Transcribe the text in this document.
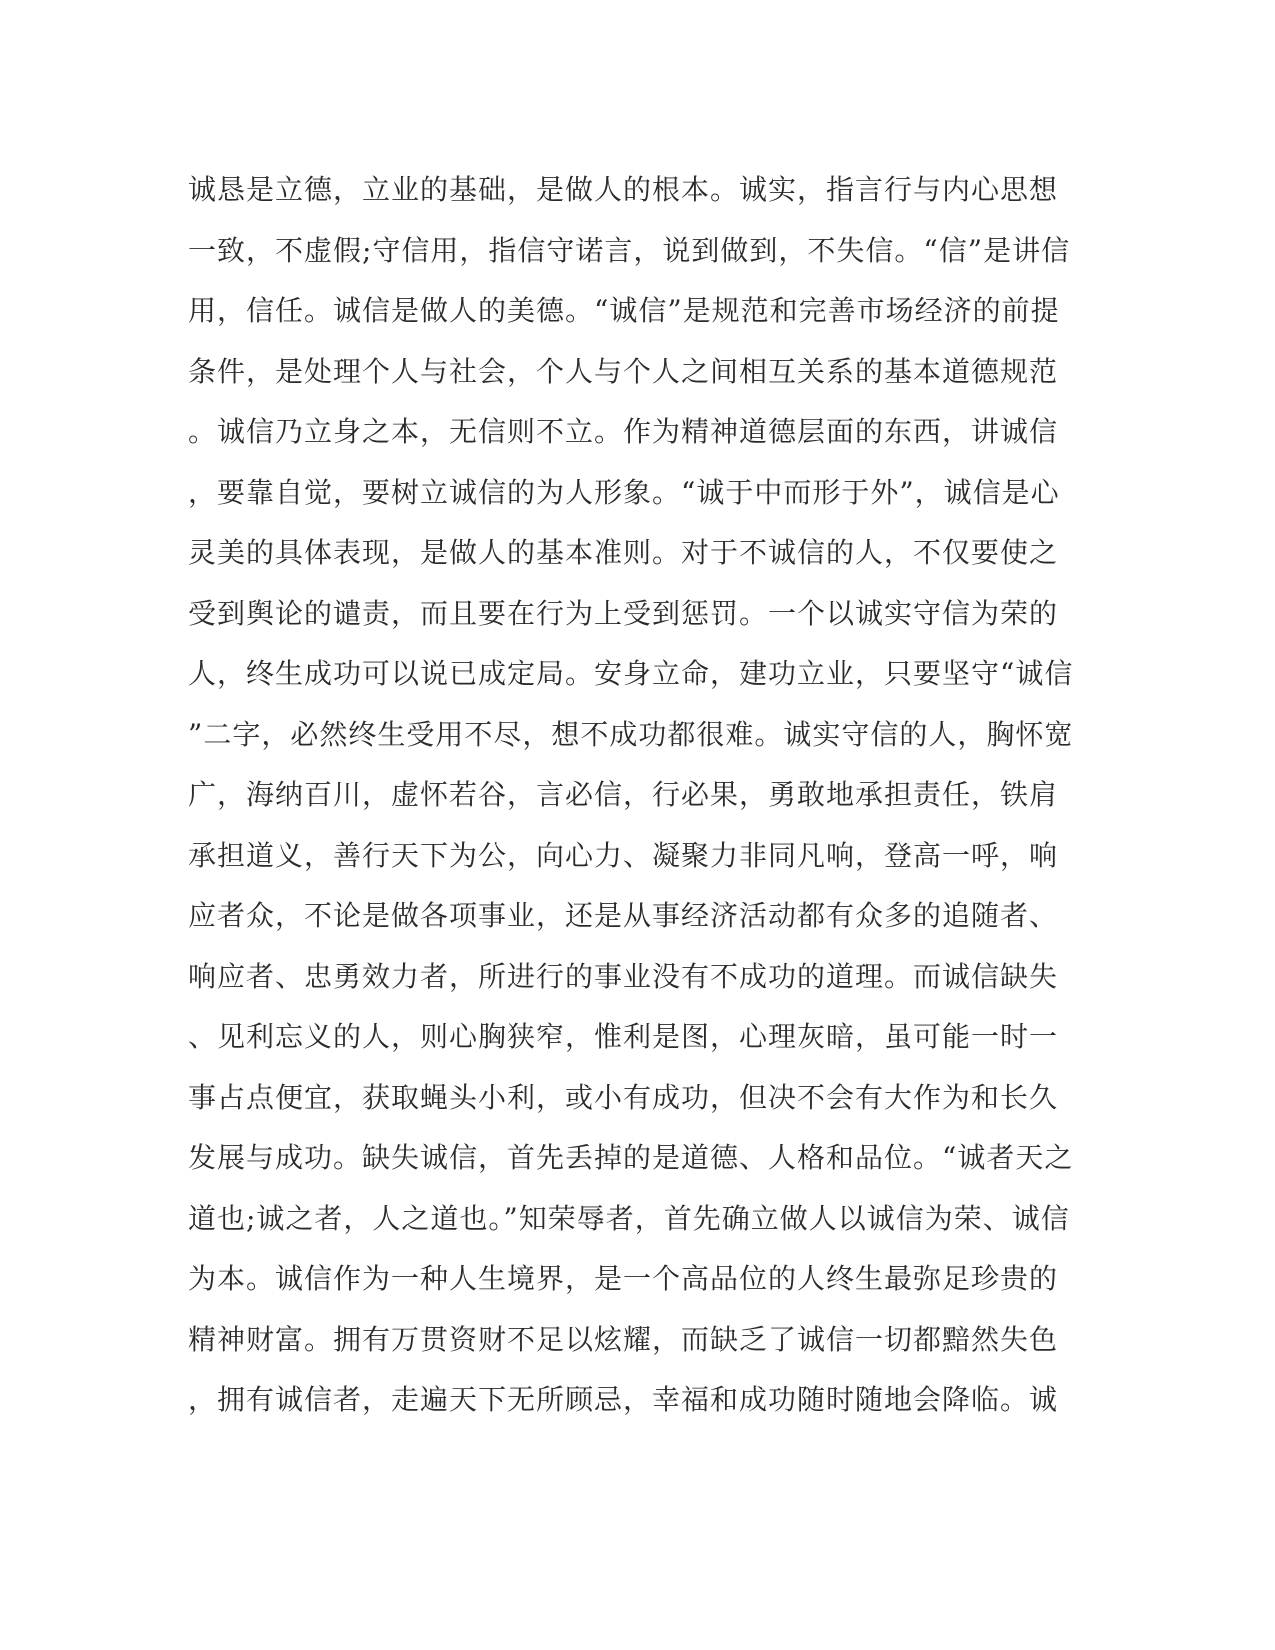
诚恳是立德，立业的基础，是做人的根本。诚实，指言行与内心思想
一致，不虚假;守信用，指信守诺言，说到做到，不失信。“信”是讲信
用，信任。诚信是做人的美德。“诚信”是规范和完善市场经济的前提
条件，是处理个人与社会，个人与个人之间相互关系的基本道德规范
。诚信乃立身之本，无信则不立。作为精神道德层面的东西，讲诚信
，要靠自觉，要树立诚信的为人形象。“诚于中而形于外”，诚信是心
灵美的具体表现，是做人的基本准则。对于不诚信的人，不仅要使之
受到舆论的谴责，而且要在行为上受到惩罚。一个以诚实守信为荣的
人，终生成功可以说已成定局。安身立命，建功立业，只要坚守“诚信
”二字，必然终生受用不尽，想不成功都很难。诚实守信的人，胸怀宽
广，海纳百川，虚怀若谷，言必信，行必果，勇敢地承担责任，铁肩
承担道义，善行天下为公，向心力、凝聚力非同凡响，登高一呼，响
应者众，不论是做各项事业，还是从事经济活动都有众多的追随者、
响应者、忠勇效力者，所进行的事业没有不成功的道理。而诚信缺失
、见利忘义的人，则心胸狭窄，惟利是图，心理灰暗，虽可能一时一
事占点便宜，获取蝇头小利，或小有成功，但决不会有大作为和长久
发展与成功。缺失诚信，首先丢掉的是道德、人格和品位。“诚者天之
道也;诚之者，人之道也。”知荣辱者，首先确立做人以诚信为荣、诚信
为本。诚信作为一种人生境界，是一个高品位的人终生最弥足珍贵的
精神财富。拥有万贯资财不足以炫耀，而缺乏了诚信一切都黯然失色
，拥有诚信者，走遍天下无所顾忌，幸福和成功随时随地会降临。诚
